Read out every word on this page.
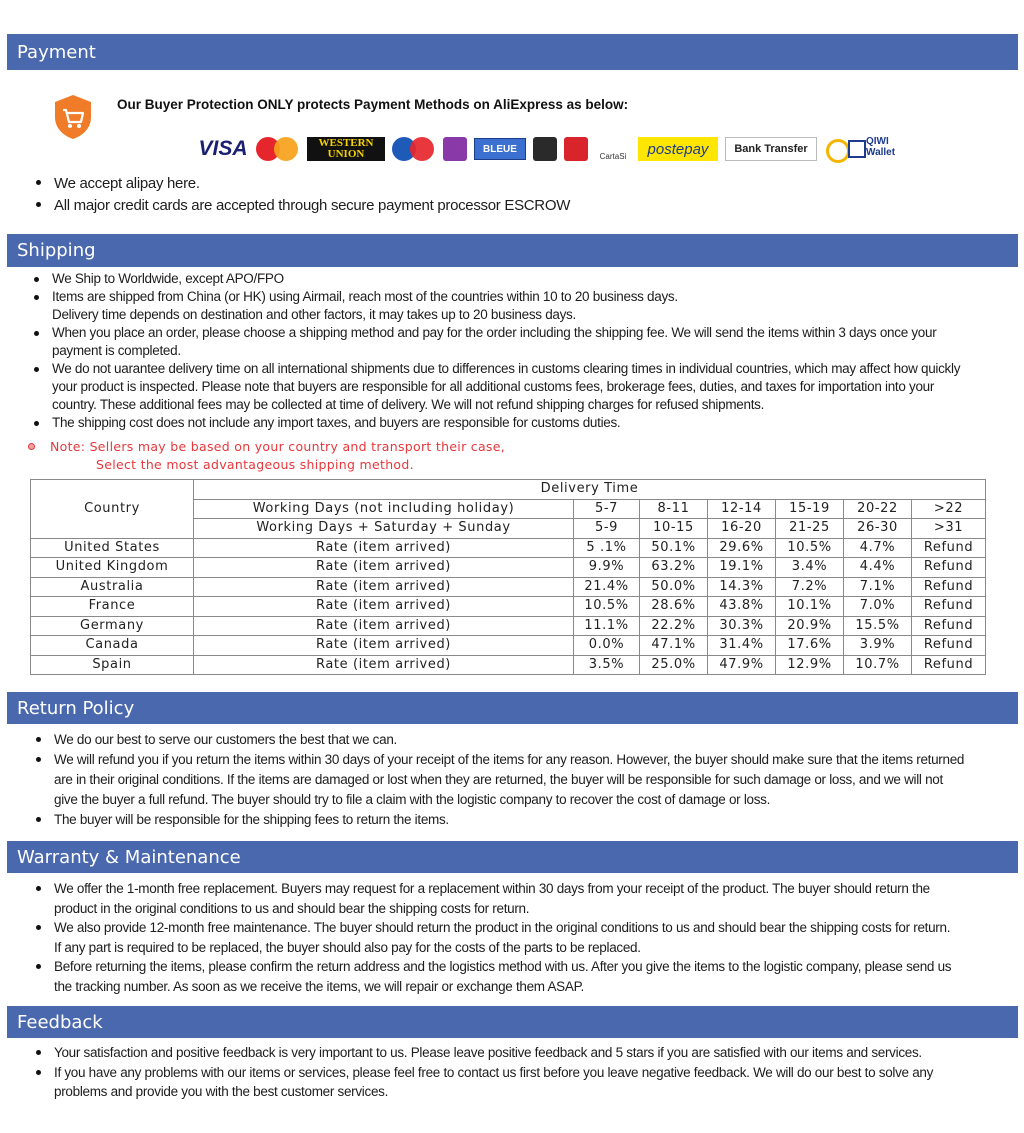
Payment
Our Buyer Protection ONLY protects Payment Methods on AliExpress as below:
VISA	WESTERN
UNION	BLEUE
CartaSi	postepay	Bank Transfer
QIWI
Wallet
We accept alipay here.
All major credit cards are accepted through secure payment processor ESCROW
Shipping
We Ship to Worldwide, except APO/FPO
Items are shipped from China (or HK) using Airmail, reach most of the countries within 10 to 20 business days.
Delivery time depends on destination and other factors, it may takes up to 20 business days.
When you place an order, please choose a shipping method and pay for the order including the shipping fee. We will send the items within 3 days once your
payment is completed.
We do not uarantee delivery time on all international shipments due to differences in customs clearing times in individual countries, which may affect how quickly
your product is inspected. Please note that buyers are responsible for all additional customs fees, brokerage fees, duties, and taxes for importation into your
country. These additional fees may be collected at time of delivery. We will not refund shipping charges for refused shipments.
The shipping cost does not include any import taxes, and buyers are responsible for customs duties.
Note: Sellers may be based on your country and transport their case,
Select the most advantageous shipping method.
Country	Delivery Time						
	Working Days (not including holiday)	5-7	8-11	12-14	15-19	20-22	>22
	Working Days + Saturday + Sunday	5-9	10-15	16-20	21-25	26-30	>31
United States	Rate (item arrived)	5 .1%	50.1%	29.6%	10.5%	4.7%	Refund
United Kingdom	Rate (item arrived)	9.9%	63.2%	19.1%	3.4%	4.4%	Refund
Australia	Rate (item arrived)	21.4%	50.0%	14.3%	7.2%	7.1%	Refund
France	Rate (item arrived)	10.5%	28.6%	43.8%	10.1%	7.0%	Refund
Germany	Rate (item arrived)	11.1%	22.2%	30.3%	20.9%	15.5%	Refund
Canada	Rate (item arrived)	0.0%	47.1%	31.4%	17.6%	3.9%	Refund
Spain	Rate (item arrived)	3.5%	25.0%	47.9%	12.9%	10.7%	Refund
Return Policy
We do our best to serve our customers the best that we can.
We will refund you if you return the items within 30 days of your receipt of the items for any reason. However, the buyer should make sure that the items returned
are in their original conditions. If the items are damaged or lost when they are returned, the buyer will be responsible for such damage or loss, and we will not
give the buyer a full refund. The buyer should try to file a claim with the logistic company to recover the cost of damage or loss.
The buyer will be responsible for the shipping fees to return the items.
Warranty & Maintenance
We offer the 1-month free replacement. Buyers may request for a replacement within 30 days from your receipt of the product. The buyer should return the
product in the original conditions to us and should bear the shipping costs for return.
We also provide 12-month free maintenance. The buyer should return the product in the original conditions to us and should bear the shipping costs for return.
If any part is required to be replaced, the buyer should also pay for the costs of the parts to be replaced.
Before returning the items, please confirm the return address and the logistics method with us. After you give the items to the logistic company, please send us
the tracking number. As soon as we receive the items, we will repair or exchange them ASAP.
Feedback
Your satisfaction and positive feedback is very important to us. Please leave positive feedback and 5 stars if you are satisfied with our items and services.
If you have any problems with our items or services, please feel free to contact us first before you leave negative feedback. We will do our best to solve any
problems and provide you with the best customer services.
